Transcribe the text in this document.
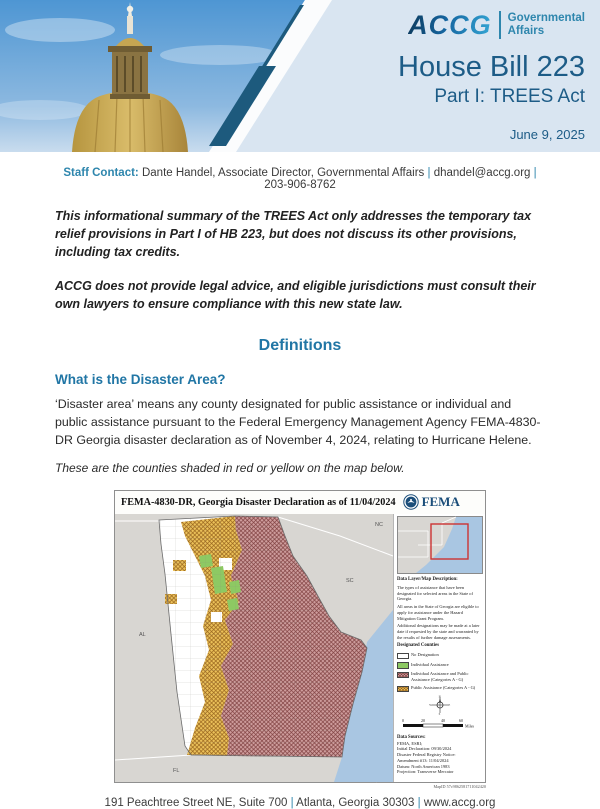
ACCG Governmental
Affairs
House Bill 223
Part I: TREES Act
June 9, 2025
Staff Contact: Dante Handel, Associate Director, Governmental Affairs | dhandel@accg.org | 203-906-8762
This informational summary of the TREES Act only addresses the temporary tax relief provisions in Part I of HB 223, but does not discuss its other provisions, including tax credits.
ACCG does not provide legal advice, and eligible jurisdictions must consult their own lawyers to ensure compliance with this new state law.
Definitions
What is the Disaster Area?
‘Disaster area’ means any county designated for public assistance or individual and public assistance pursuant to the Federal Emergency Management Agency FEMA-4830-DR Georgia disaster declaration as of November 4, 2024, relating to Hurricane Helene.
These are the counties shaded in red or yellow on the map below.
FEMA-4830-DR, Georgia Disaster Declaration as of 11/04/2024 FEMA
NC
SC
AL
FL
Data Layer/Map Description:
The types of assistance that have been designated for selected areas in the State of Georgia.
All areas in the State of Georgia are eligible to apply for assistance under the Hazard Mitigation Grant Program.
Additional designations may be made at a later date if requested by the state and warranted by the results of further damage assessments.
Designated Counties
No Designation
Individual Assistance
Individual Assistance and Public Assistance (Categories A - G)
Public Assistance (Categories A - G)
N
E
S
W

0	20	40	60
Miles
Data Sources:
FEMA, ESRI;
Initial Declaration: 09/30/2024
Disaster Federal Registry Notice:
Amendment #13: 11/04/2024
Datum: North American 1983
Projection: Transverse Mercator
MapID 57c9862581711042420
191 Peachtree Street NE, Suite 700 | Atlanta, Georgia 30303 | www.accg.org
